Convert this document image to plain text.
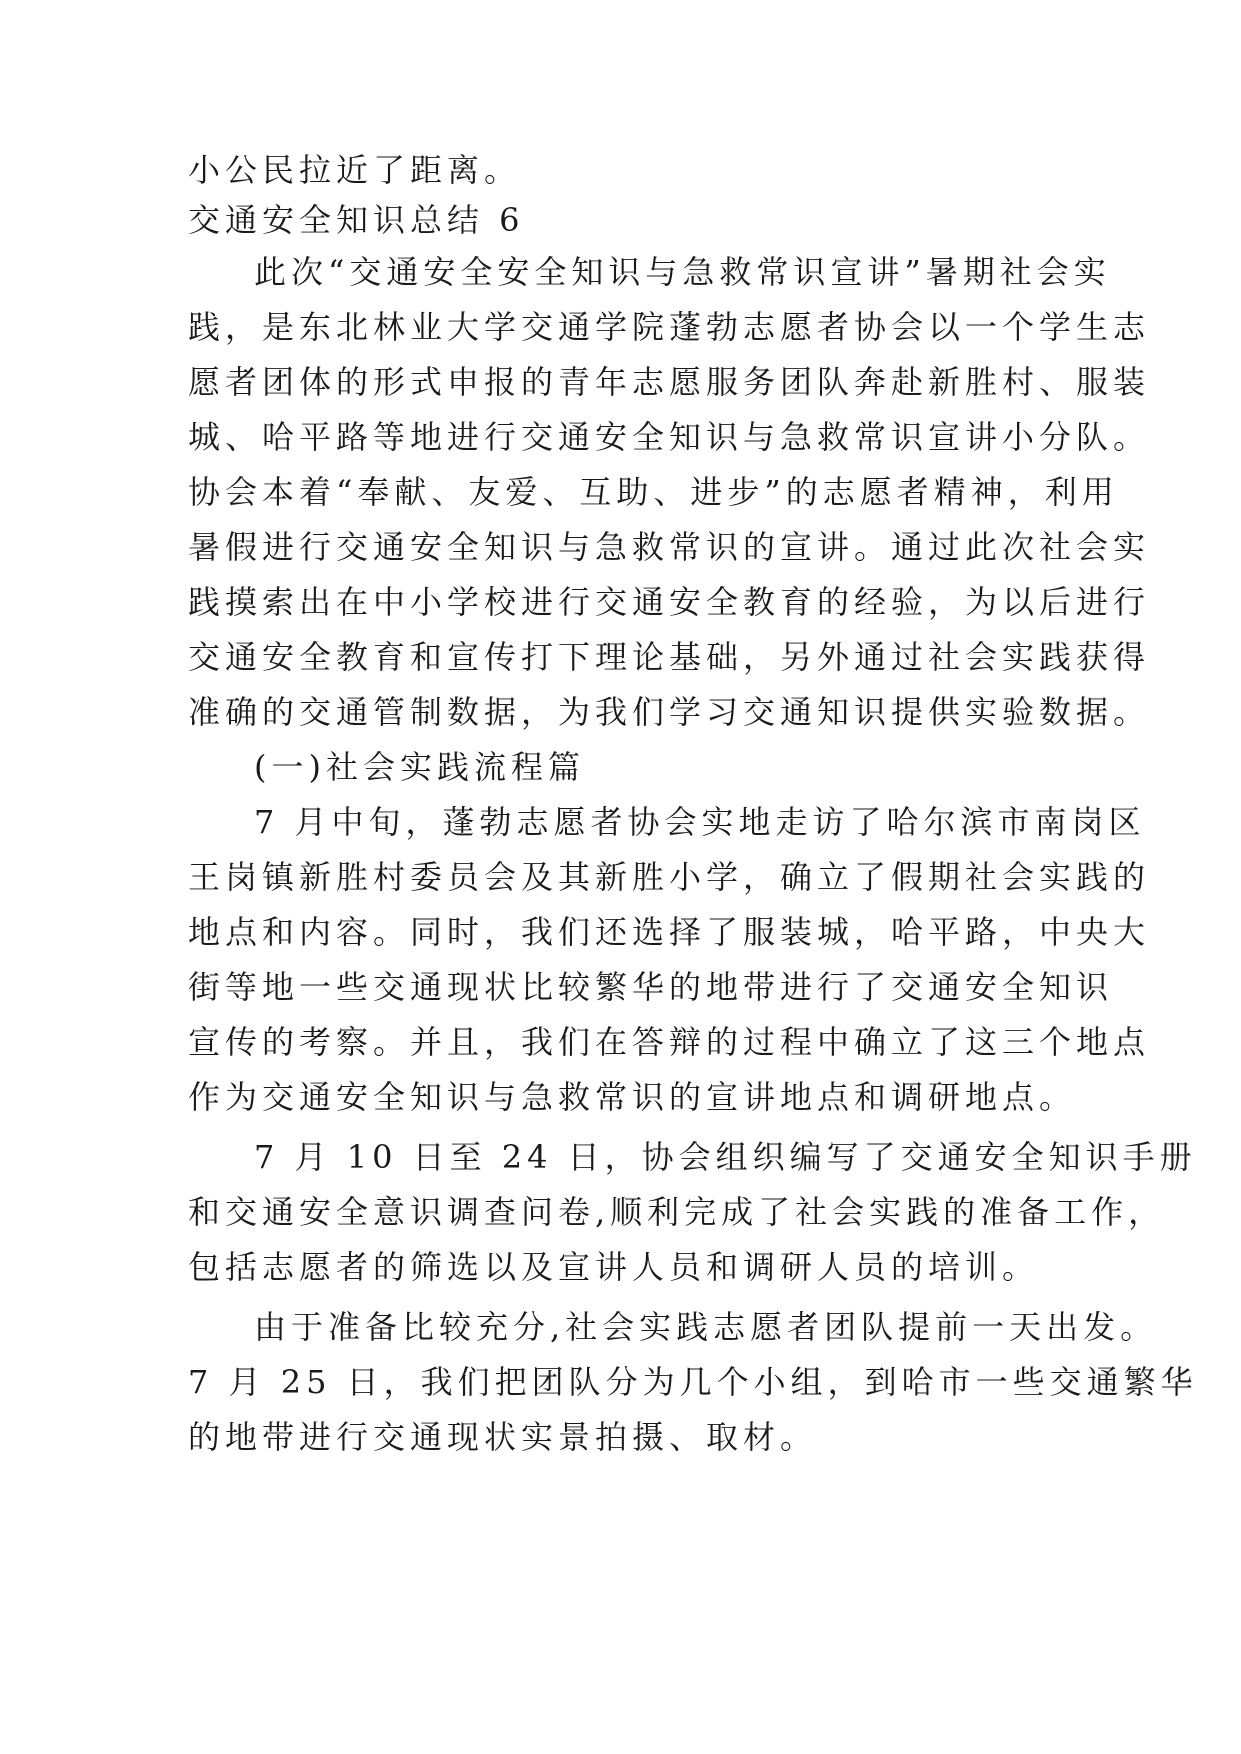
小公民拉近了距离。
交通安全知识总结 6
此次“交通安全安全知识与急救常识宣讲”暑期社会实
践，是东北林业大学交通学院蓬勃志愿者协会以一个学生志
愿者团体的形式申报的青年志愿服务团队奔赴新胜村、服装
城、哈平路等地进行交通安全知识与急救常识宣讲小分队。
协会本着“奉献、友爱、互助、进步”的志愿者精神，利用
暑假进行交通安全知识与急救常识的宣讲。通过此次社会实
践摸索出在中小学校进行交通安全教育的经验，为以后进行
交通安全教育和宣传打下理论基础，另外通过社会实践获得
准确的交通管制数据，为我们学习交通知识提供实验数据。
(一)社会实践流程篇
7 月中旬，蓬勃志愿者协会实地走访了哈尔滨市南岗区
王岗镇新胜村委员会及其新胜小学，确立了假期社会实践的
地点和内容。同时，我们还选择了服装城，哈平路，中央大
街等地一些交通现状比较繁华的地带进行了交通安全知识
宣传的考察。并且，我们在答辩的过程中确立了这三个地点
作为交通安全知识与急救常识的宣讲地点和调研地点。
7 月 10 日至 24 日，协会组织编写了交通安全知识手册
和交通安全意识调查问卷,顺利完成了社会实践的准备工作，
包括志愿者的筛选以及宣讲人员和调研人员的培训。
由于准备比较充分,社会实践志愿者团队提前一天出发。
7 月 25 日，我们把团队分为几个小组，到哈市一些交通繁华
的地带进行交通现状实景拍摄、取材。
